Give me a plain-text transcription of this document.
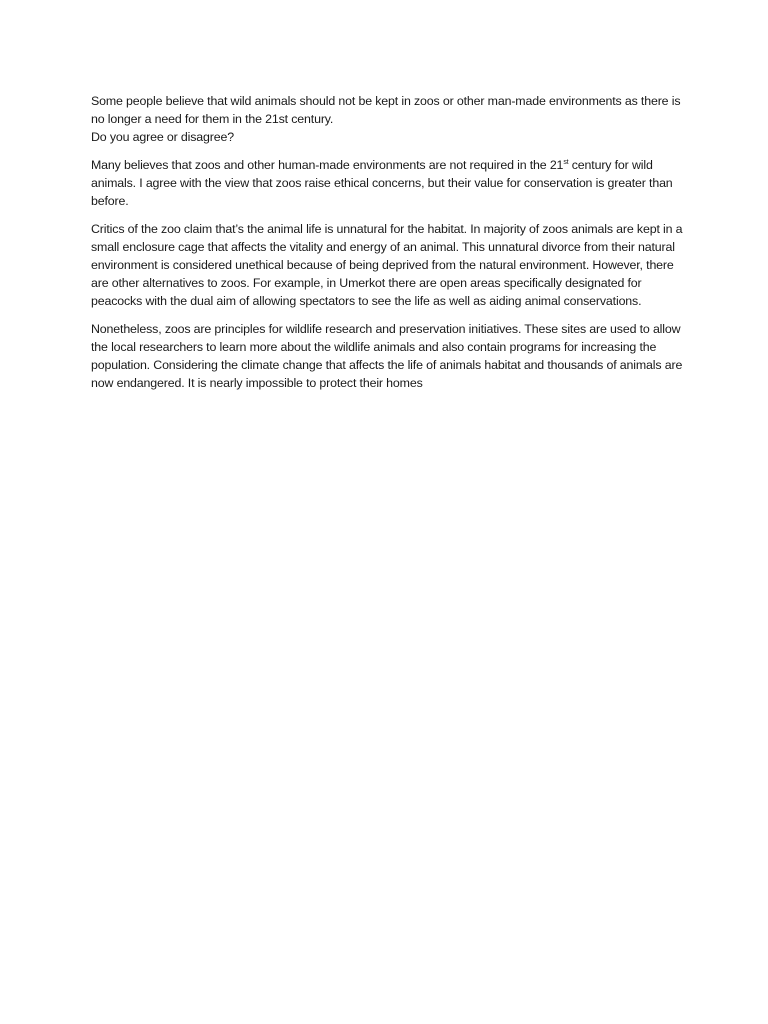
Some people believe that wild animals should not be kept in zoos or other man-made environments as there is no longer a need for them in the 21st century.
Do you agree or disagree?

Many believes that zoos and other human-made environments are not required in the 21st century for wild animals. I agree with the view that zoos raise ethical concerns, but their value for conservation is greater than before.

Critics of the zoo claim that’s the animal life is unnatural for the habitat. In majority of zoos animals are kept in a small enclosure cage that affects the vitality and energy of an animal. This unnatural divorce from their natural environment is considered unethical because of being deprived from the natural environment. However, there are other alternatives to zoos. For example, in Umerkot there are open areas specifically designated for peacocks with the dual aim of allowing spectators to see the life as well as aiding animal conservations.

Nonetheless, zoos are principles for wildlife research and preservation initiatives. These sites are used to allow the local researchers to learn more about the wildlife animals and also contain programs for increasing the population. Considering the climate change that affects the life of animals habitat and thousands of animals are now endangered. It is nearly impossible to protect their homes
